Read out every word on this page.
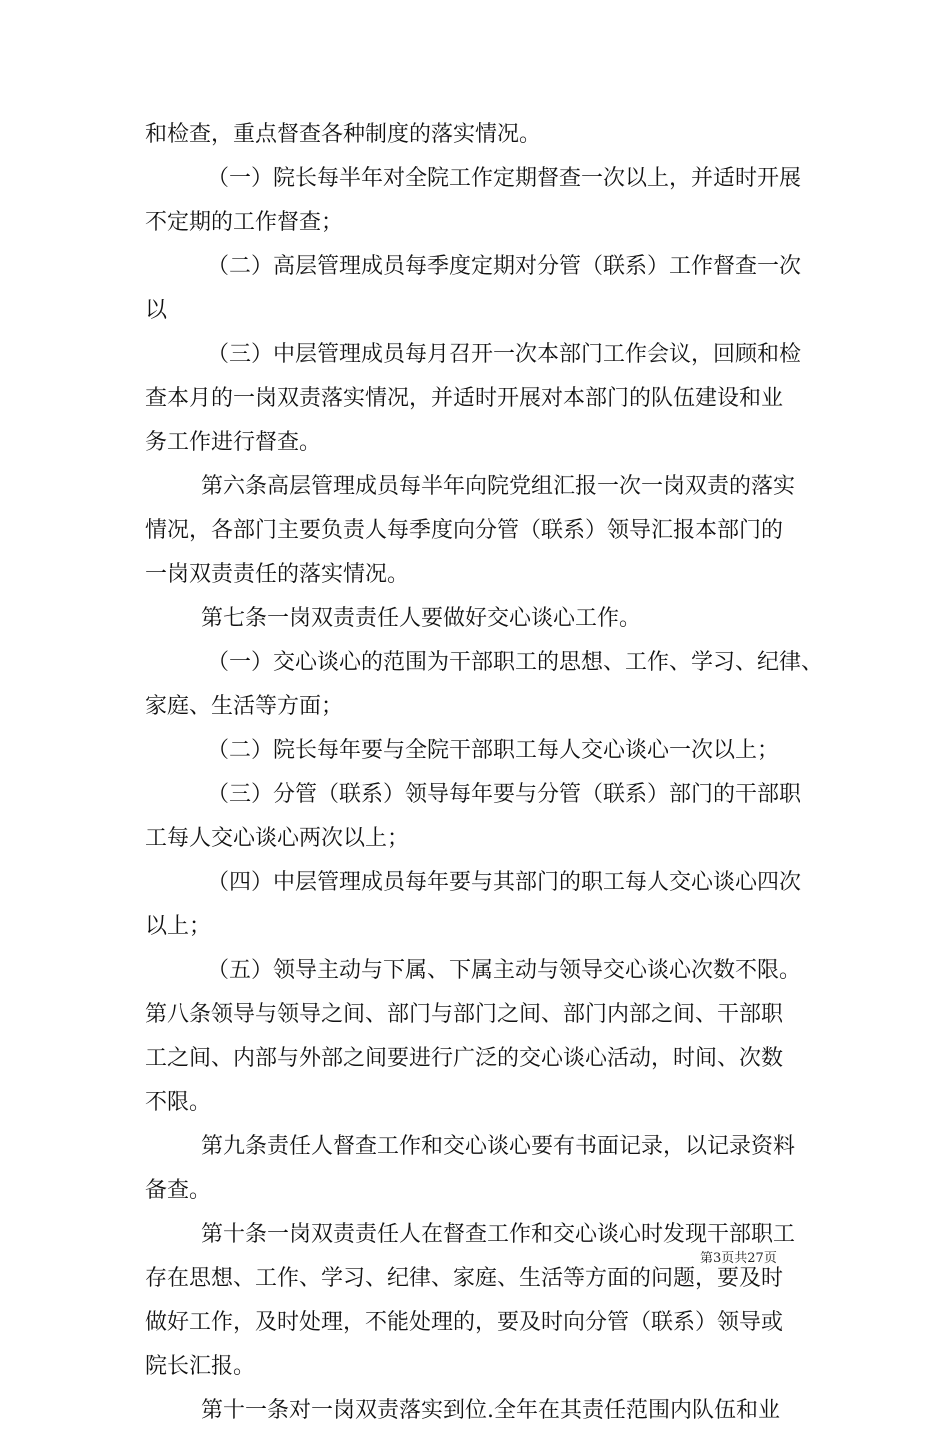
和检查，重点督查各种制度的落实情况。
（一）院长每半年对全院工作定期督查一次以上，并适时开展
不定期的工作督查；
（二）高层管理成员每季度定期对分管（联系）工作督查一次
以
（三）中层管理成员每月召开一次本部门工作会议，回顾和检
查本月的一岗双责落实情况，并适时开展对本部门的队伍建设和业
务工作进行督查。
第六条高层管理成员每半年向院党组汇报一次一岗双责的落实
情况，各部门主要负责人每季度向分管（联系）领导汇报本部门的
一岗双责责任的落实情况。
第七条一岗双责责任人要做好交心谈心工作。
（一）交心谈心的范围为干部职工的思想、工作、学习、纪律、
家庭、生活等方面；
（二）院长每年要与全院干部职工每人交心谈心一次以上；
（三）分管（联系）领导每年要与分管（联系）部门的干部职
工每人交心谈心两次以上；
（四）中层管理成员每年要与其部门的职工每人交心谈心四次
以上；
（五）领导主动与下属、下属主动与领导交心谈心次数不限。
第八条领导与领导之间、部门与部门之间、部门内部之间、干部职
工之间、内部与外部之间要进行广泛的交心谈心活动，时间、次数
不限。
第九条责任人督查工作和交心谈心要有书面记录，以记录资料
备查。
第十条一岗双责责任人在督查工作和交心谈心时发现干部职工
存在思想、工作、学习、纪律、家庭、生活等方面的问题，要及时
做好工作，及时处理，不能处理的，要及时向分管（联系）领导或
院长汇报。
第十一条对一岗双责落实到位.全年在其责任范围内队伍和业
第3页共27页
